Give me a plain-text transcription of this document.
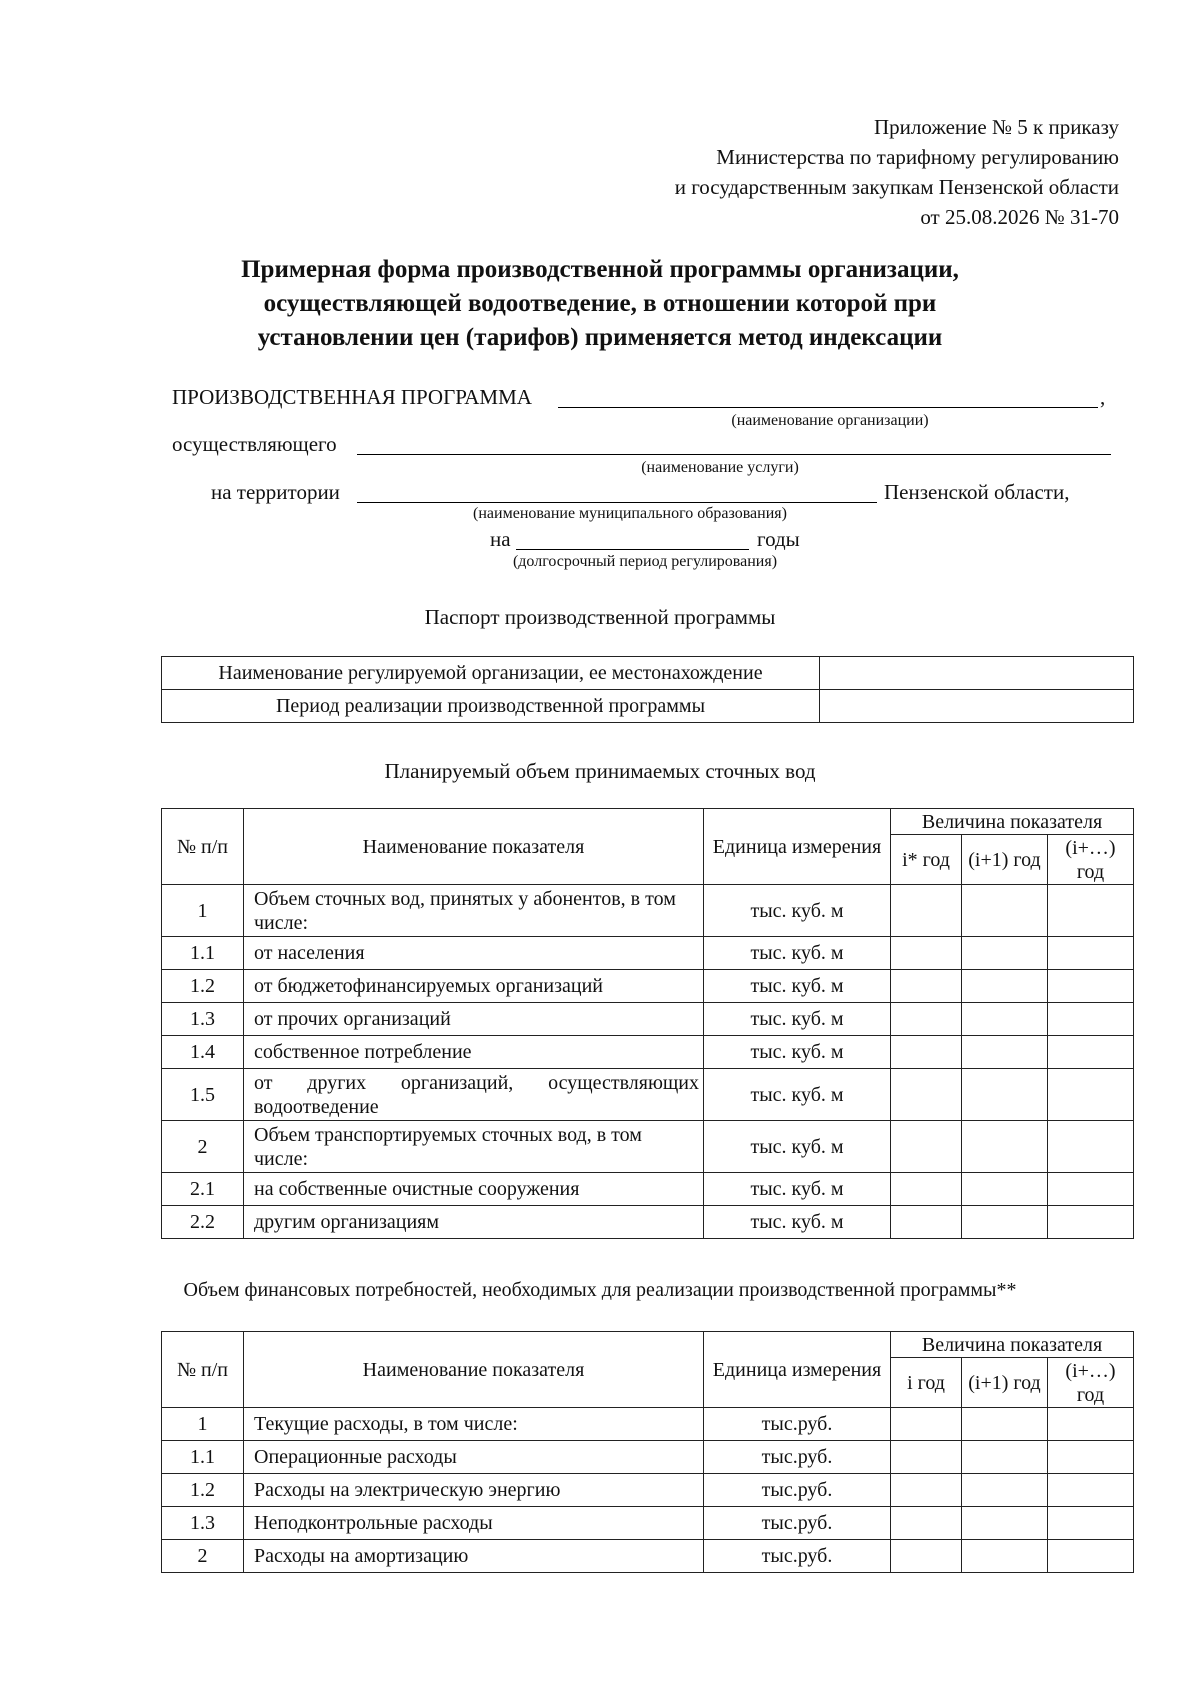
Приложение № 5 к приказу
Министерства по тарифному регулированию
и государственным закупкам Пензенской области
от 25.08.2026 № 31-70
Примерная форма производственной программы организации,
осуществляющей водоотведение, в отношении которой при
установлении цен (тарифов) применяется метод индексации
ПРОИЗВОДСТВЕННАЯ ПРОГРАММА	,
(наименование организации)
осуществляющего
(наименование услуги)
на территории	Пензенской области,
(наименование муниципального образования)
на	годы
(долгосрочный период регулирования)
Паспорт производственной программы
Наименование регулируемой организации, ее местонахождение	
Период реализации производственной программы	
Планируемый объем принимаемых сточных вод
№ п/п	Наименование показателя	Единица измерения	Величина показателя		
			i* год	(i+1) год	(i+…) год
1	Объем сточных вод, принятых у абонентов, в том числе:	тыс. куб. м			
1.1	от населения	тыс. куб. м			
1.2	от бюджетофинансируемых организаций	тыс. куб. м			
1.3	от прочих организаций	тыс. куб. м			
1.4	собственное потребление	тыс. куб. м			
1.5	от других организаций, осуществляющих водоотведение	тыс. куб. м			
2	Объем транспортируемых сточных вод, в том числе:	тыс. куб. м			
2.1	на собственные очистные сооружения	тыс. куб. м			
2.2	другим организациям	тыс. куб. м			
Объем финансовых потребностей, необходимых для реализации производственной программы**
№ п/п	Наименование показателя	Единица измерения	Величина показателя		
			i год	(i+1) год	(i+…) год
1	Текущие расходы, в том числе:	тыс.руб.			
1.1	Операционные расходы	тыс.руб.			
1.2	Расходы на электрическую энергию	тыс.руб.			
1.3	Неподконтрольные расходы	тыс.руб.			
2	Расходы на амортизацию	тыс.руб.			
